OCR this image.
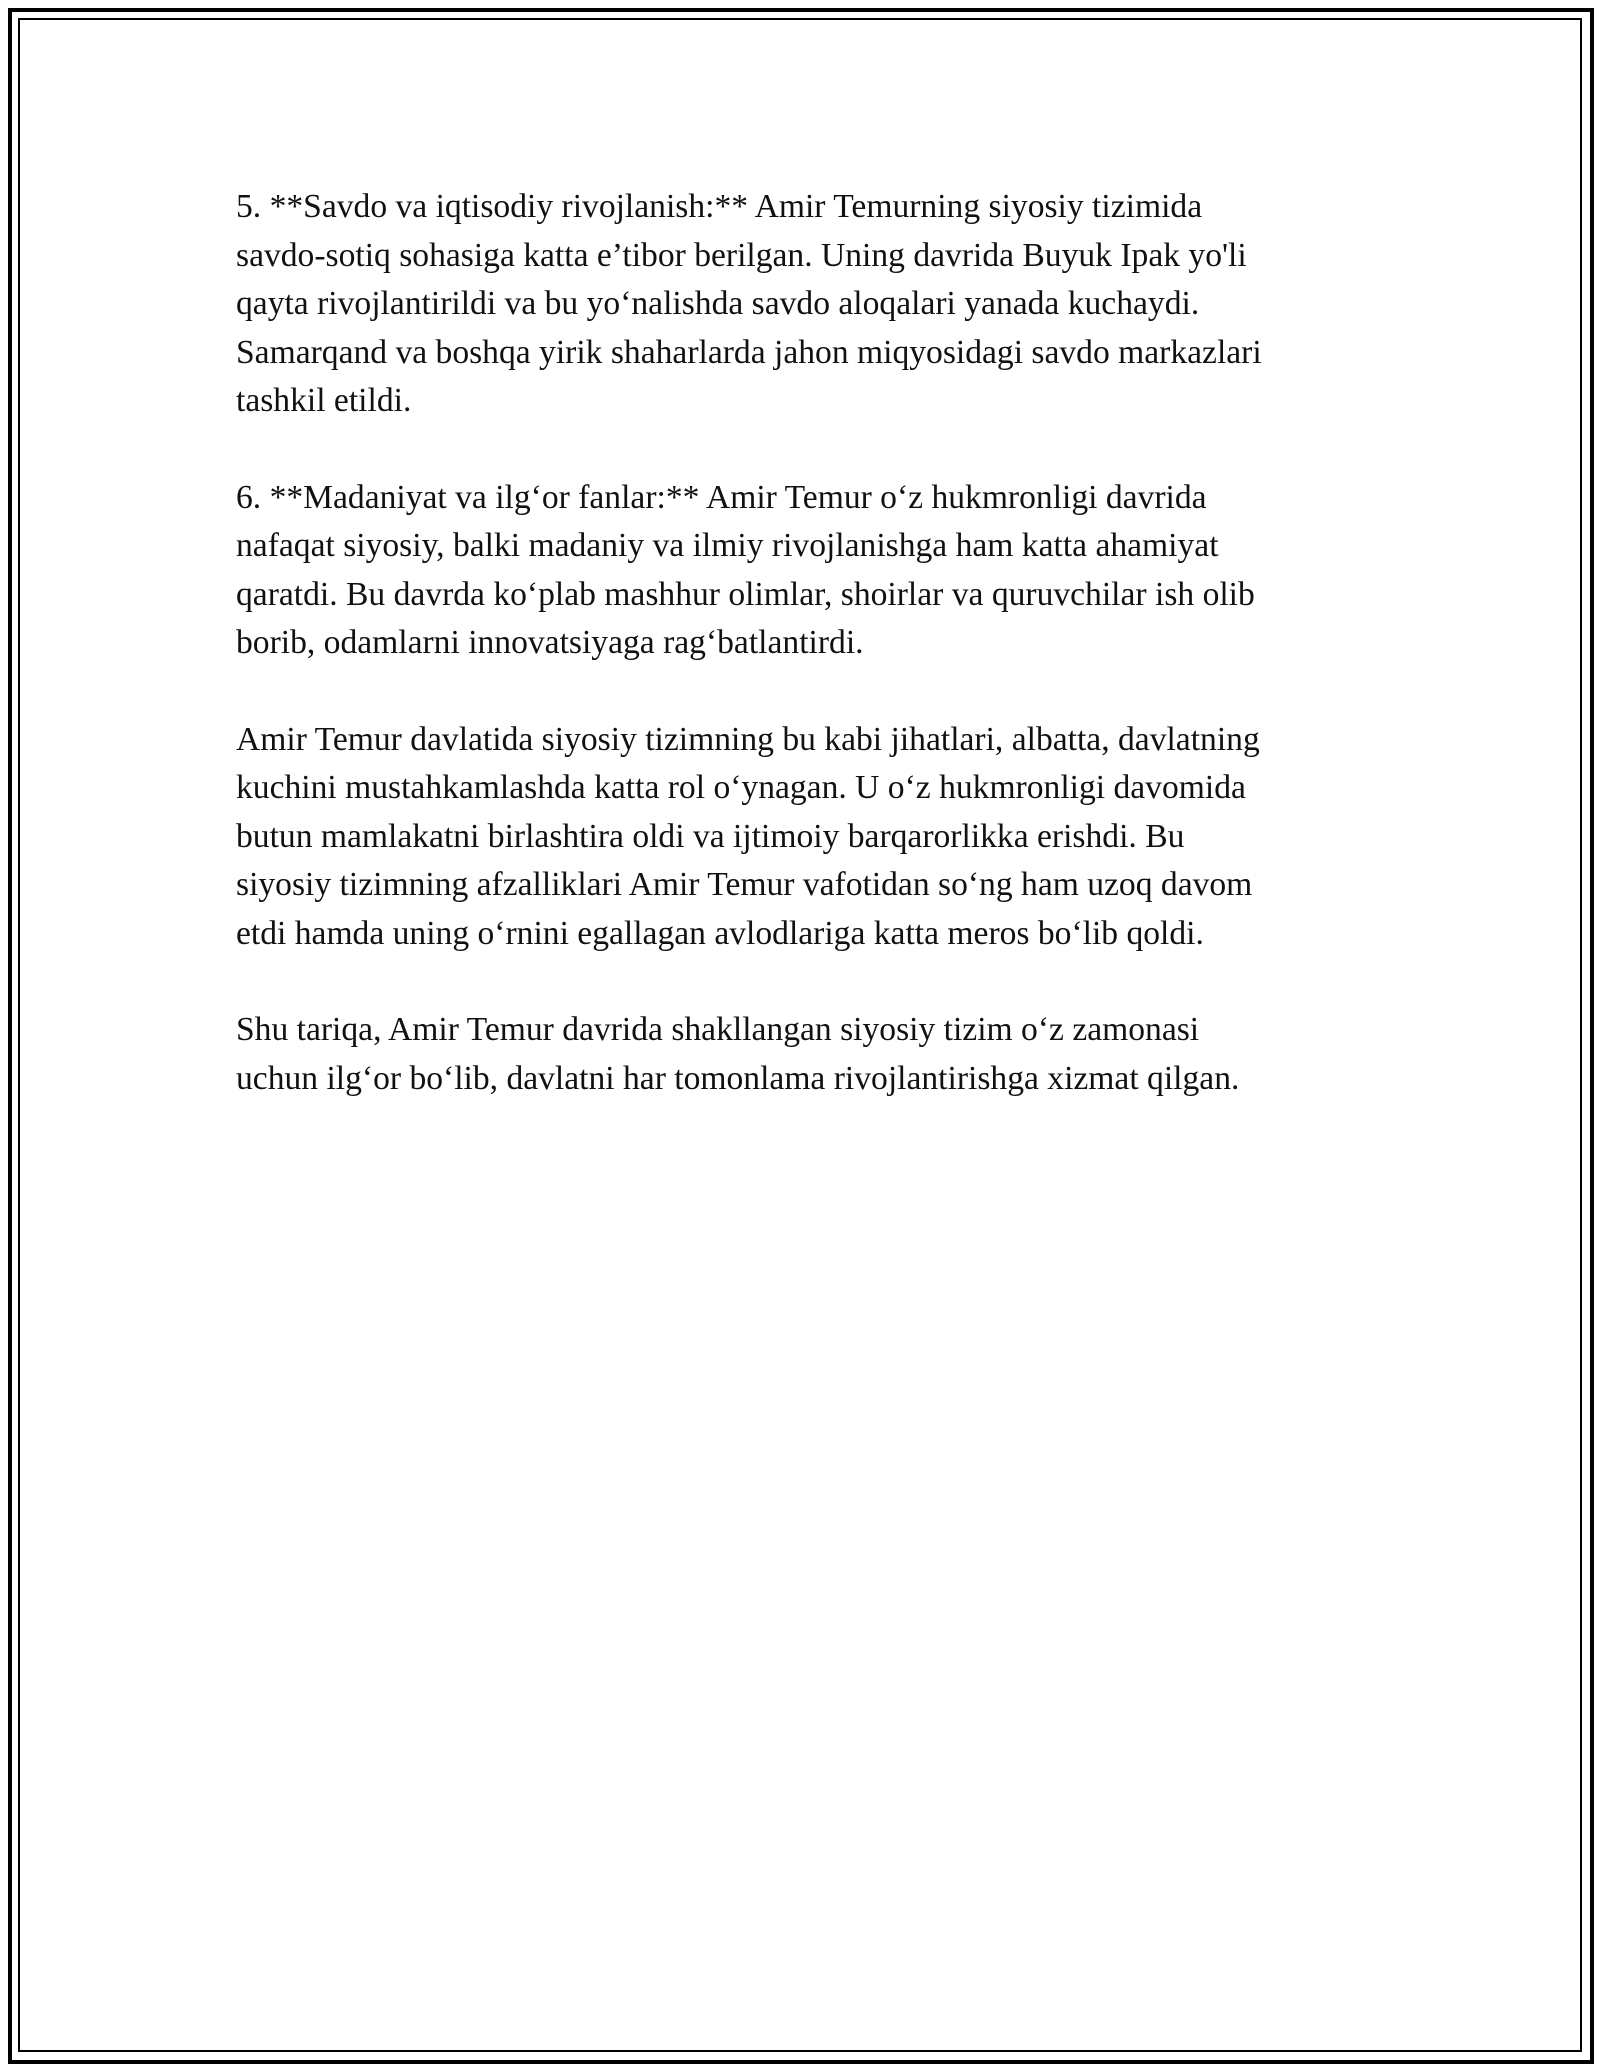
5. **Savdo va iqtisodiy rivojlanish:** Amir Temurning siyosiy tizimida
savdo-sotiq sohasiga katta e’tibor berilgan. Uning davrida Buyuk Ipak yo'li
qayta rivojlantirildi va bu yo‘nalishda savdo aloqalari yanada kuchaydi.
Samarqand va boshqa yirik shaharlarda jahon miqyosidagi savdo markazlari
tashkil etildi.

6. **Madaniyat va ilg‘or fanlar:** Amir Temur o‘z hukmronligi davrida
nafaqat siyosiy, balki madaniy va ilmiy rivojlanishga ham katta ahamiyat
qaratdi. Bu davrda ko‘plab mashhur olimlar, shoirlar va quruvchilar ish olib
borib, odamlarni innovatsiyaga rag‘batlantirdi.

Amir Temur davlatida siyosiy tizimning bu kabi jihatlari, albatta, davlatning
kuchini mustahkamlashda katta rol o‘ynagan. U o‘z hukmronligi davomida
butun mamlakatni birlashtira oldi va ijtimoiy barqarorlikka erishdi. Bu
siyosiy tizimning afzalliklari Amir Temur vafotidan so‘ng ham uzoq davom
etdi hamda uning o‘rnini egallagan avlodlariga katta meros bo‘lib qoldi.

Shu tariqa, Amir Temur davrida shakllangan siyosiy tizim o‘z zamonasi
uchun ilg‘or bo‘lib, davlatni har tomonlama rivojlantirishga xizmat qilgan.
